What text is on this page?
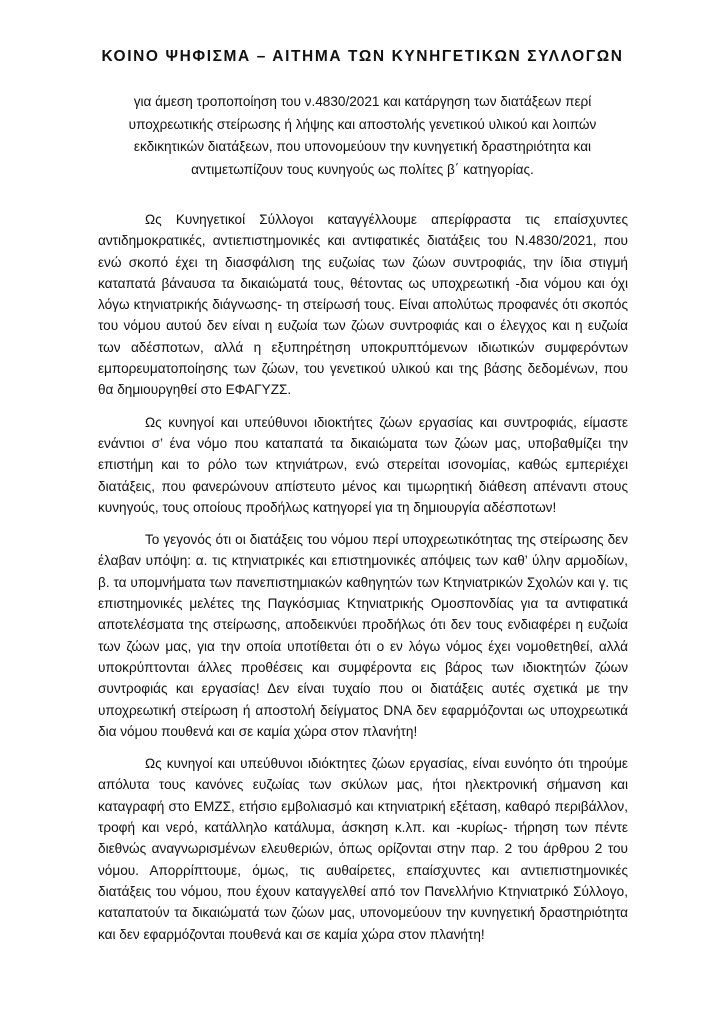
ΚΟΙΝΟ ΨΗΦΙΣΜΑ – ΑΙΤΗΜΑ ΤΩΝ ΚΥΝΗΓΕΤΙΚΩΝ ΣΥΛΛΟΓΩΝ
για άμεση τροποποίηση του ν.4830/2021 και κατάργηση των διατάξεων περί
υποχρεωτικής στείρωσης ή λήψης και αποστολής γενετικού υλικού και λοιπών
εκδικητικών διατάξεων, που υπονομεύουν την κυνηγετική δραστηριότητα και
αντιμετωπίζουν τους κυνηγούς ως πολίτες β΄ κατηγορίας.
Ως Κυνηγετικοί Σύλλογοι καταγγέλλουμε απερίφραστα τις επαίσχυντες
αντιδημοκρατικές, αντιεπιστημονικές και αντιφατικές διατάξεις του Ν.4830/2021, που
ενώ σκοπό έχει τη διασφάλιση της ευζωίας των ζώων συντροφιάς, την ίδια στιγμή
καταπατά βάναυσα τα δικαιώματά τους, θέτοντας ως υποχρεωτική -δια νόμου και όχι
λόγω κτηνιατρικής διάγνωσης- τη στείρωσή τους. Είναι απολύτως προφανές ότι σκοπός
του νόμου αυτού δεν είναι η ευζωία των ζώων συντροφιάς και ο έλεγχος και η ευζωία
των αδέσποτων, αλλά η εξυπηρέτηση υποκρυπτόμενων ιδιωτικών συμφερόντων
εμπορευματοποίησης των ζώων, του γενετικού υλικού και της βάσης δεδομένων, που
θα δημιουργηθεί στο ΕΦΑΓΥΖΣ.
Ως κυνηγοί και υπεύθυνοι ιδιοκτήτες ζώων εργασίας και συντροφιάς, είμαστε
ενάντιοι σ’ ένα νόμο που καταπατά τα δικαιώματα των ζώων μας, υποβαθμίζει την
επιστήμη και το ρόλο των κτηνιάτρων, ενώ στερείται ισονομίας, καθώς εμπεριέχει
διατάξεις, που φανερώνουν απίστευτο μένος και τιμωρητική διάθεση απέναντι στους
κυνηγούς, τους οποίους προδήλως κατηγορεί για τη δημιουργία αδέσποτων!
Το γεγονός ότι οι διατάξεις του νόμου περί υποχρεωτικότητας της στείρωσης δεν
έλαβαν υπόψη: α. τις κτηνιατρικές και επιστημονικές απόψεις των καθ’ ύλην αρμοδίων,
β. τα υπομνήματα των πανεπιστημιακών καθηγητών των Κτηνιατρικών Σχολών και γ. τις
επιστημονικές μελέτες της Παγκόσμιας Κτηνιατρικής Ομοσπονδίας για τα αντιφατικά
αποτελέσματα της στείρωσης, αποδεικνύει προδήλως ότι δεν τους ενδιαφέρει η ευζωία
των ζώων μας, για την οποία υποτίθεται ότι ο εν λόγω νόμος έχει νομοθετηθεί, αλλά
υποκρύπτονται άλλες προθέσεις και συμφέροντα εις βάρος των ιδιοκτητών ζώων
συντροφιάς και εργασίας! Δεν είναι τυχαίο που οι διατάξεις αυτές σχετικά με την
υποχρεωτική στείρωση ή αποστολή δείγματος DNA δεν εφαρμόζονται ως υποχρεωτικά
δια νόμου πουθενά και σε καμία χώρα στον πλανήτη!
Ως κυνηγοί και υπεύθυνοι ιδιόκτητες ζώων εργασίας, είναι ευνόητο ότι τηρούμε
απόλυτα τους κανόνες ευζωίας των σκύλων μας, ήτοι ηλεκτρονική σήμανση και
καταγραφή στο ΕΜΖΣ, ετήσιο εμβολιασμό και κτηνιατρική εξέταση, καθαρό περιβάλλον,
τροφή και νερό, κατάλληλο κατάλυμα, άσκηση κ.λπ. και -κυρίως- τήρηση των πέντε
διεθνώς αναγνωρισμένων ελευθεριών, όπως ορίζονται στην παρ. 2 του άρθρου 2 του
νόμου. Απορρίπτουμε, όμως, τις αυθαίρετες, επαίσχυντες και αντιεπιστημονικές
διατάξεις του νόμου, που έχουν καταγγελθεί από τον Πανελλήνιο Κτηνιατρικό Σύλλογο,
καταπατούν τα δικαιώματά των ζώων μας, υπονομεύουν την κυνηγετική δραστηριότητα
και δεν εφαρμόζονται πουθενά και σε καμία χώρα στον πλανήτη!
